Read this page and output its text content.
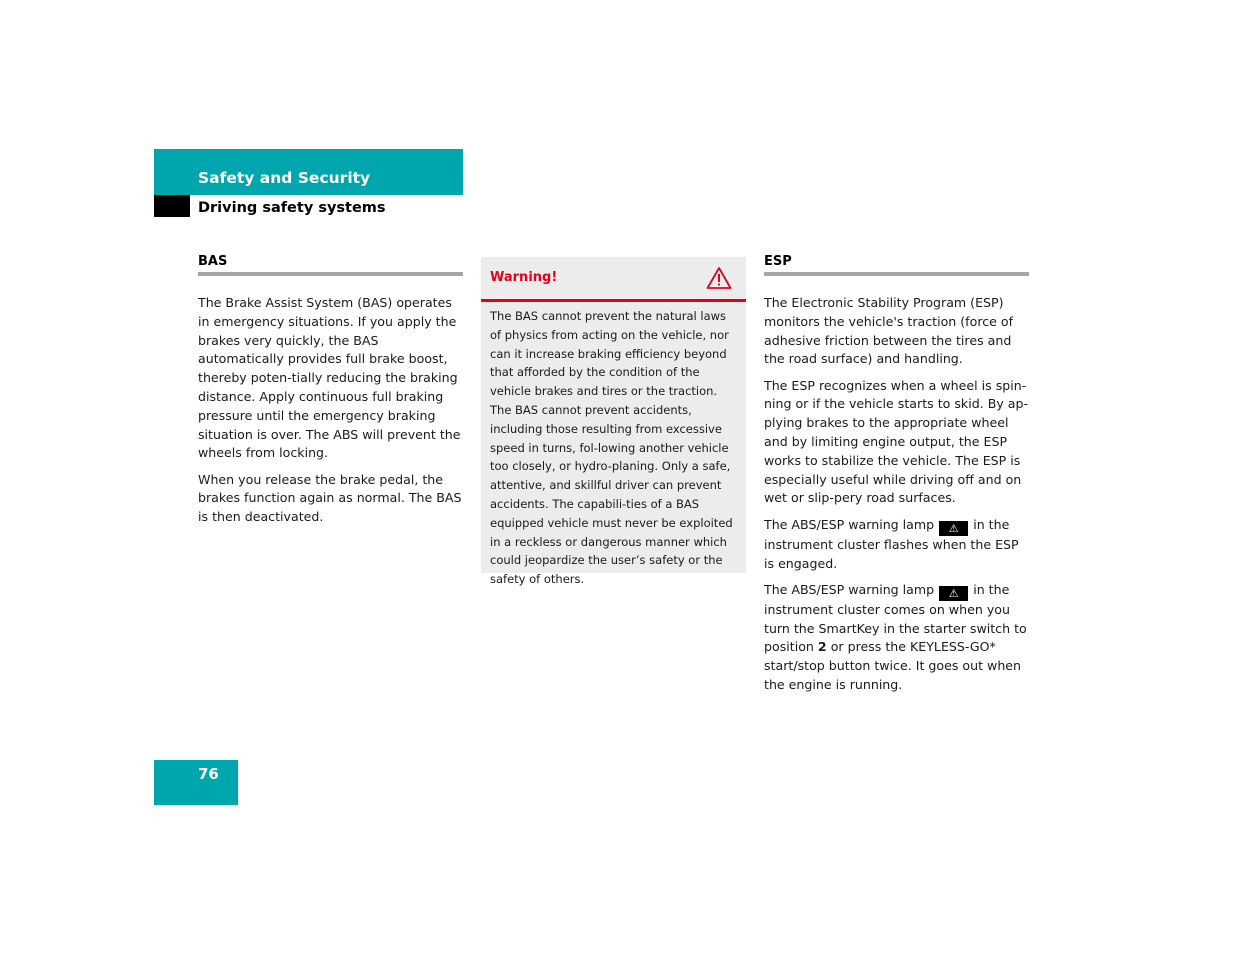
Safety and Security
Driving safety systems
BAS

The Brake Assist System (BAS) operates in emergency situations. If you apply the brakes very quickly, the BAS automatically provides full brake boost, thereby poten-tially reducing the braking distance. Apply continuous full braking pressure until the emergency braking situation is over. The ABS will prevent the wheels from locking.

When you release the brake pedal, the brakes function again as normal. The BAS is then deactivated.

Warning!
The BAS cannot prevent the natural laws of physics from acting on the vehicle, nor can it increase braking efficiency beyond that afforded by the condition of the vehicle brakes and tires or the traction. The BAS cannot prevent accidents, including those resulting from excessive speed in turns, fol-lowing another vehicle too closely, or hydro-planing. Only a safe, attentive, and skillful driver can prevent accidents. The capabili-ties of a BAS equipped vehicle must never be exploited in a reckless or dangerous manner which could jeopardize the user’s safety or the safety of others.
ESP

The Electronic Stability Program (ESP) monitors the vehicle's traction (force of adhesive friction between the tires and the road surface) and handling.

The ESP recognizes when a wheel is spin-ning or if the vehicle starts to skid. By ap-plying brakes to the appropriate wheel and by limiting engine output, the ESP works to stabilize the vehicle. The ESP is especially useful while driving off and on wet or slip-pery road surfaces.

The ABS/ESP warning lamp ⚠ in the instrument cluster flashes when the ESP is engaged.

The ABS/ESP warning lamp ⚠ in the instrument cluster comes on when you turn the SmartKey in the starter switch to position 2 or press the KEYLESS-GO* start/stop button twice. It goes out when the engine is running.

76
